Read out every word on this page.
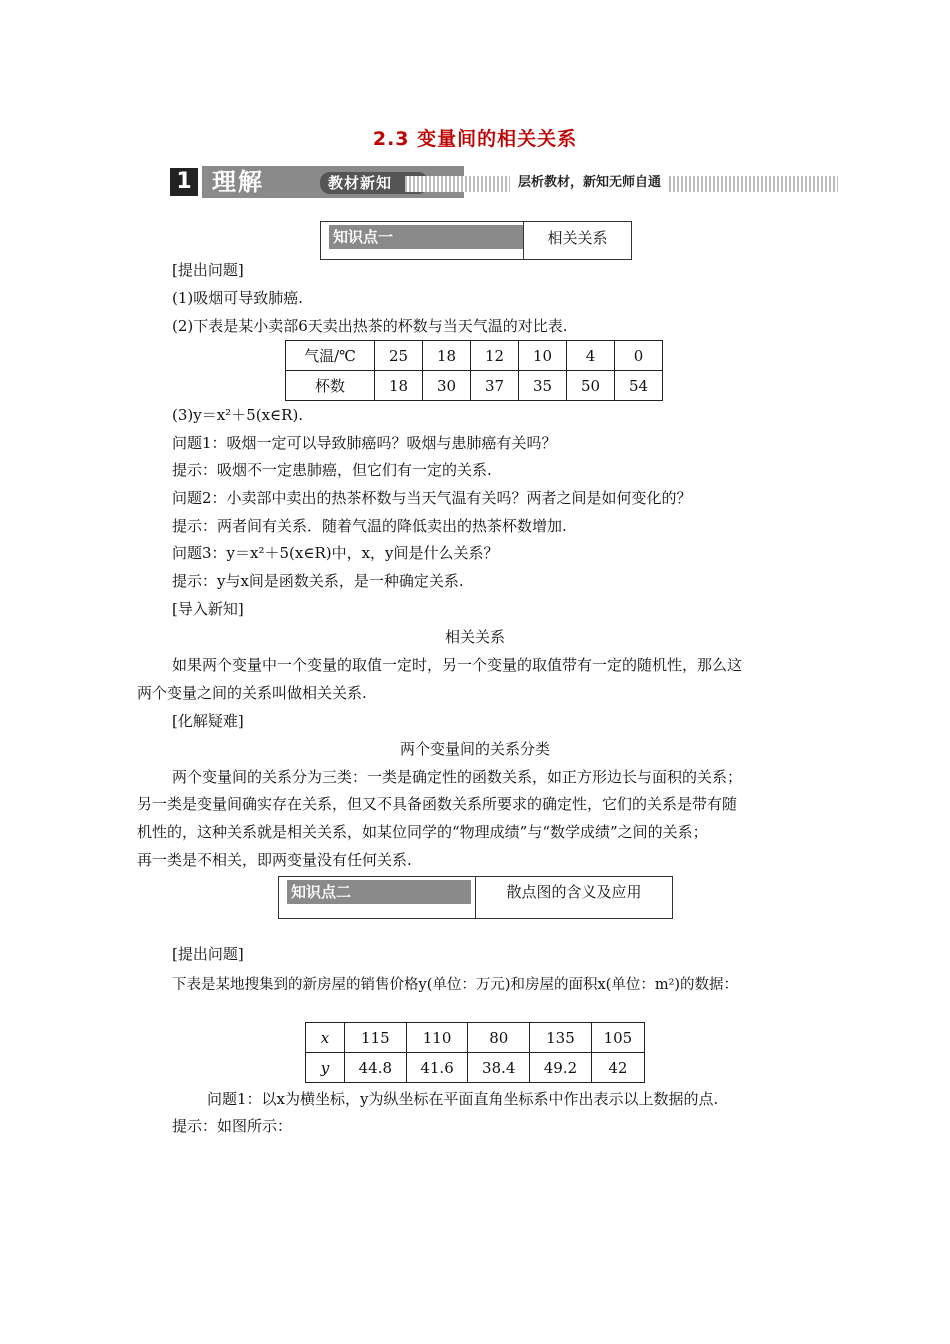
2.3 变量间的相关关系
1 理解	教材新知	层析教材，新知无师自通
知识点一	相关关系
[提出问题]
(1)吸烟可导致肺癌.
(2)下表是某小卖部6天卖出热茶的杯数与当天气温的对比表.
气温/℃	25	18	12	10	4	0
杯数	18	30	37	35	50	54
(3)y＝x²＋5(x∈R).
问题1：吸烟一定可以导致肺癌吗？吸烟与患肺癌有关吗？
提示：吸烟不一定患肺癌，但它们有一定的关系.
问题2：小卖部中卖出的热茶杯数与当天气温有关吗？两者之间是如何变化的？
提示：两者间有关系．随着气温的降低卖出的热茶杯数增加.
问题3：y＝x²＋5(x∈R)中，x，y间是什么关系？
提示：y与x间是函数关系，是一种确定关系.
[导入新知]
相关关系
如果两个变量中一个变量的取值一定时，另一个变量的取值带有一定的随机性，那么这
两个变量之间的关系叫做相关关系.
[化解疑难]
两个变量间的关系分类
两个变量间的关系分为三类：一类是确定性的函数关系，如正方形边长与面积的关系；
另一类是变量间确实存在关系，但又不具备函数关系所要求的确定性，它们的关系是带有随
机性的，这种关系就是相关关系，如某位同学的“物理成绩”与“数学成绩”之间的关系；
再一类是不相关，即两变量没有任何关系.
知识点二	散点图的含义及应用
[提出问题]
下表是某地搜集到的新房屋的销售价格y(单位：万元)和房屋的面积x(单位：m²)的数据：
x	115	110	80	135	105
y	44.8	41.6	38.4	49.2	42
问题1：以x为横坐标，y为纵坐标在平面直角坐标系中作出表示以上数据的点.
提示：如图所示：
